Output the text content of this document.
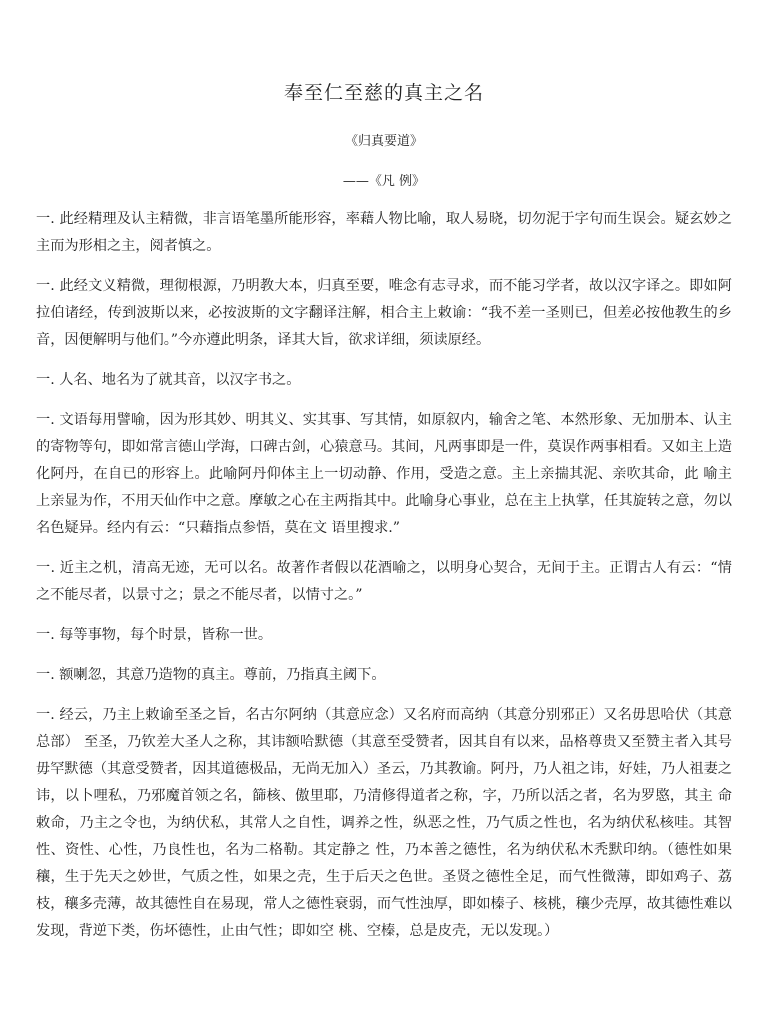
奉至仁至慈的真主之名
《归真要道》
——《凡 例》

一. 此经精理及认主精微，非言语笔墨所能形容，率藉人物比喻，取人易晓，切勿泥于字句而生误会。疑玄妙之主而为形相之主，阅者慎之。

一. 此经文义精微，理彻根源，乃明教大本，归真至要，唯念有志寻求，而不能习学者，故以汉字译之。即如阿拉伯诸经，传到波斯以来，必按波斯的文字翻译注解，相合主上敕谕：“我不差一圣则已，但差必按他教生的乡音，因便解明与他们。”今亦遵此明条，译其大旨，欲求详细，须读原经。

一. 人名、地名为了就其音，以汉字书之。

一. 文语每用譬喻，因为形其妙、明其义、实其事、写其情，如原叙内，输舍之笔、本然形象、无加册本、认主的寄物等句，即如常言德山学海，口碑古剑，心猿意马。其间，凡两事即是一件，莫误作两事相看。又如主上造化阿丹，在自已的形容上。此喻阿丹仰体主上一切动静、作用，受造之意。主上亲揣其泥、亲吹其命，此 喻主上亲显为作，不用天仙作中之意。摩敏之心在主两指其中。此喻身心事业，总在主上执掌，任其旋转之意，勿以名色疑异。经内有云：“只藉指点参悟，莫在文 语里搜求.”

一. 近主之机，清高无迹，无可以名。故著作者假以花酒喻之，以明身心契合，无间于主。正谓古人有云：“情之不能尽者，以景寸之；景之不能尽者，以情寸之。”

一. 每等事物，每个时景，皆称一世。

一. 额喇忽，其意乃造物的真主。尊前，乃指真主阈下。

一. 经云，乃主上敕谕至圣之旨，名古尔阿纳（其意应念）又名府而高纳（其意分别邪正）又名毋思哈伏（其意总部） 至圣，乃钦差大圣人之称，其讳额哈默德（其意至受赞者，因其自有以来，品格尊贵又至赞主者入其号毋罕默德（其意受赞者，因其道德极品，无尚无加入）圣云，乃其教谕。阿丹，乃人祖之讳，好娃，乃人祖妻之讳，以卜哩私，乃邪魔首领之名，篩核、傲里耶，乃清修得道者之称，字，乃所以活之者，名为罗愍，其主 命敕命，乃主之令也，为纳伏私，其常人之自性，调养之性，纵恶之性，乃气质之性也，名为纳伏私核哇。其智性、资性、心性，乃良性也，名为二格勒。其定静之 性，乃本善之德性，名为纳伏私木秃默印纳。（德性如果穰，生于先天之妙世，气质之性，如果之壳，生于后天之色世。圣贤之德性全足，而气性微薄，即如鸡子、荔枝，穰多壳薄，故其德性自在易现，常人之德性衰弱，而气性浊厚，即如榛子、核桃，穰少壳厚，故其德性难以发现，背逆下类，伤坏德性，止由气性；即如空 桃、空榛，总是皮壳，无以发现。）
